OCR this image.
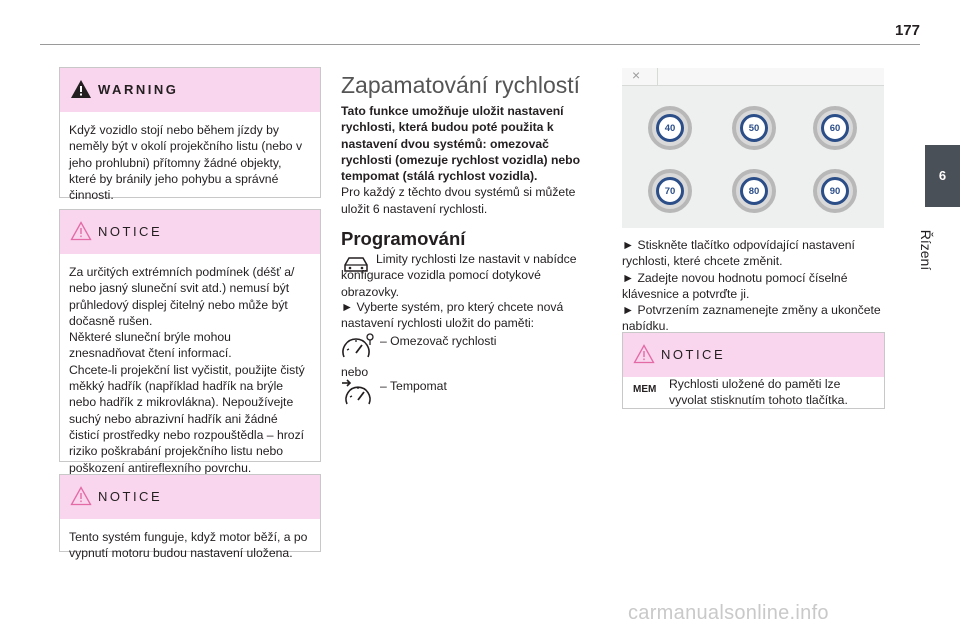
177
6
Řízení
WARNING
Když vozidlo stojí nebo během jízdy by neměly být v okolí projekčního listu (nebo v jeho prohlubni) přítomny žádné objekty, které by bránily jeho pohybu a správné činnosti.
NOTICE
Za určitých extrémních podmínek (déšť a/ nebo jasný sluneční svit atd.) nemusí být průhledový displej čitelný nebo může být dočasně rušen.
Některé sluneční brýle mohou znesnadňovat čtení informací.
Chcete-li projekční list vyčistit, použijte čistý měkký hadřík (například hadřík na brýle nebo hadřík z mikrovlákna). Nepoužívejte suchý nebo abrazivní hadřík ani žádné čisticí prostředky nebo rozpouštědla – hrozí riziko poškrabání projekčního listu nebo poškození antireflexního povrchu.
NOTICE
Tento systém funguje, když motor běží, a po vypnutí motoru budou nastavení uložena.
Zapamatování rychlostí
Tato funkce umožňuje uložit nastavení rychlosti, která budou poté použita k nastavení dvou systémů: omezovač rychlosti (omezuje rychlost vozidla) nebo tempomat (stálá rychlost vozidla).
Pro každý z těchto dvou systémů si můžete uložit 6 nastavení rychlosti.
Programování
Limity rychlosti lze nastavit v nabídce konfigurace vozidla pomocí dotykové obrazovky.
► Vyberte systém, pro který chcete nová nastavení rychlosti uložit do paměti:
– Omezovač rychlosti
nebo
– Tempomat
×
40	50	60
70	80	90
► Stiskněte tlačítko odpovídající nastavení rychlosti, které chcete změnit.
► Zadejte novou hodnotu pomocí číselné klávesnice a potvrďte ji.
► Potvrzením zaznamenejte změny a ukončete nabídku.
NOTICE
MEM Rychlosti uložené do paměti lze vyvolat stisknutím tohoto tlačítka.
carmanualsonline.info
